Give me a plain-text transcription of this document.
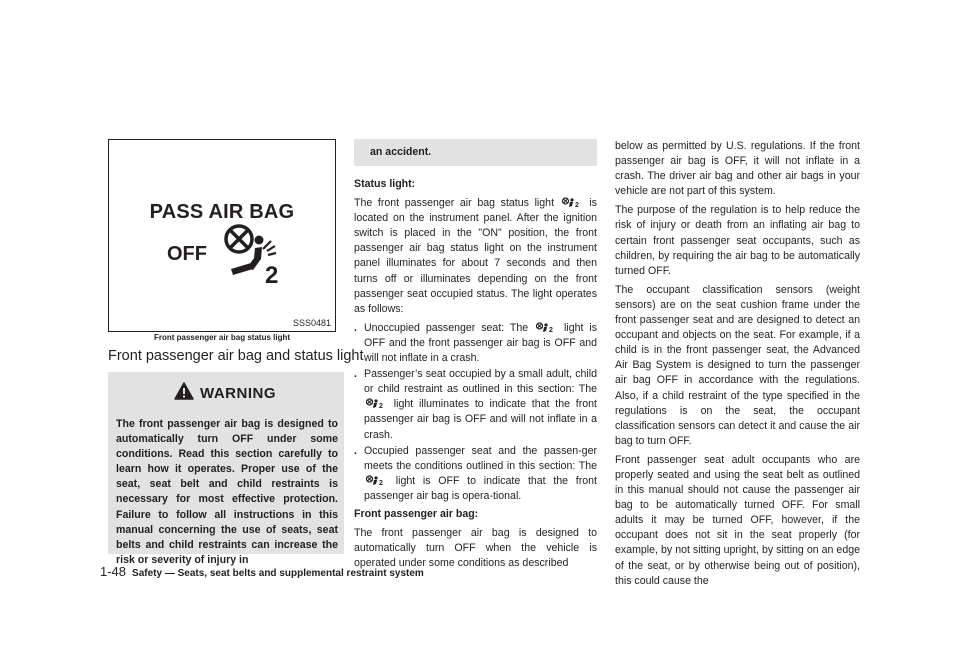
PASS AIR BAG
OFF
2
SSS0481
Front passenger air bag status light
Front passenger air bag and status light
WARNING
The front passenger air bag is designed to automatically turn OFF under some conditions. Read this section carefully to learn how it operates. Proper use of the seat, seat belt and child restraints is necessary for most effective protection. Failure to follow all instructions in this manual concerning the use of seats, seat belts and child restraints can increase the risk or severity of injury in
an accident.

Status light:

The front passenger air bag status light	2 is located on the instrument panel. After the ignition switch is placed in the "ON" position, the front passenger air bag status light on the instrument panel illuminates for about 7 seconds and then turns off or illuminates depending on the front passenger seat occupied status. The light operates as follows:

. Unoccupied passenger seat: The	2 light is OFF and the front passenger air bag is OFF and will not inflate in a crash.
. Passenger’s seat occupied by a small adult, child or child restraint as outlined in this section: The
2 light illuminates to indicate that the front passenger air bag is OFF and will not inflate in a crash.
. Occupied passenger seat and the passen-ger meets the conditions outlined in this section: The
2 light is OFF to indicate that the front passenger air bag is opera-tional.

Front passenger air bag:

The front passenger air bag is designed to automatically turn OFF when the vehicle is operated under some conditions as described

below as permitted by U.S. regulations. If the front passenger air bag is OFF, it will not inflate in a crash. The driver air bag and other air bags in your vehicle are not part of this system.

The purpose of the regulation is to help reduce the risk of injury or death from an inflating air bag to certain front passenger seat occupants, such as children, by requiring the air bag to be automatically turned OFF.

The occupant classification sensors (weight sensors) are on the seat cushion frame under the front passenger seat and are designed to detect an occupant and objects on the seat. For example, if a child is in the front passenger seat, the Advanced Air Bag System is designed to turn the passenger air bag OFF in accordance with the regulations. Also, if a child restraint of the type specified in the regulations is on the seat, the occupant classification sensors can detect it and cause the air bag to turn OFF.

Front passenger seat adult occupants who are properly seated and using the seat belt as outlined in this manual should not cause the passenger air bag to be automatically turned OFF. For small adults it may be turned OFF, however, if the occupant does not sit in the seat properly (for example, by not sitting upright, by sitting on an edge of the seat, or by otherwise being out of position), this could cause the

1-48 Safety — Seats, seat belts and supplemental restraint system
